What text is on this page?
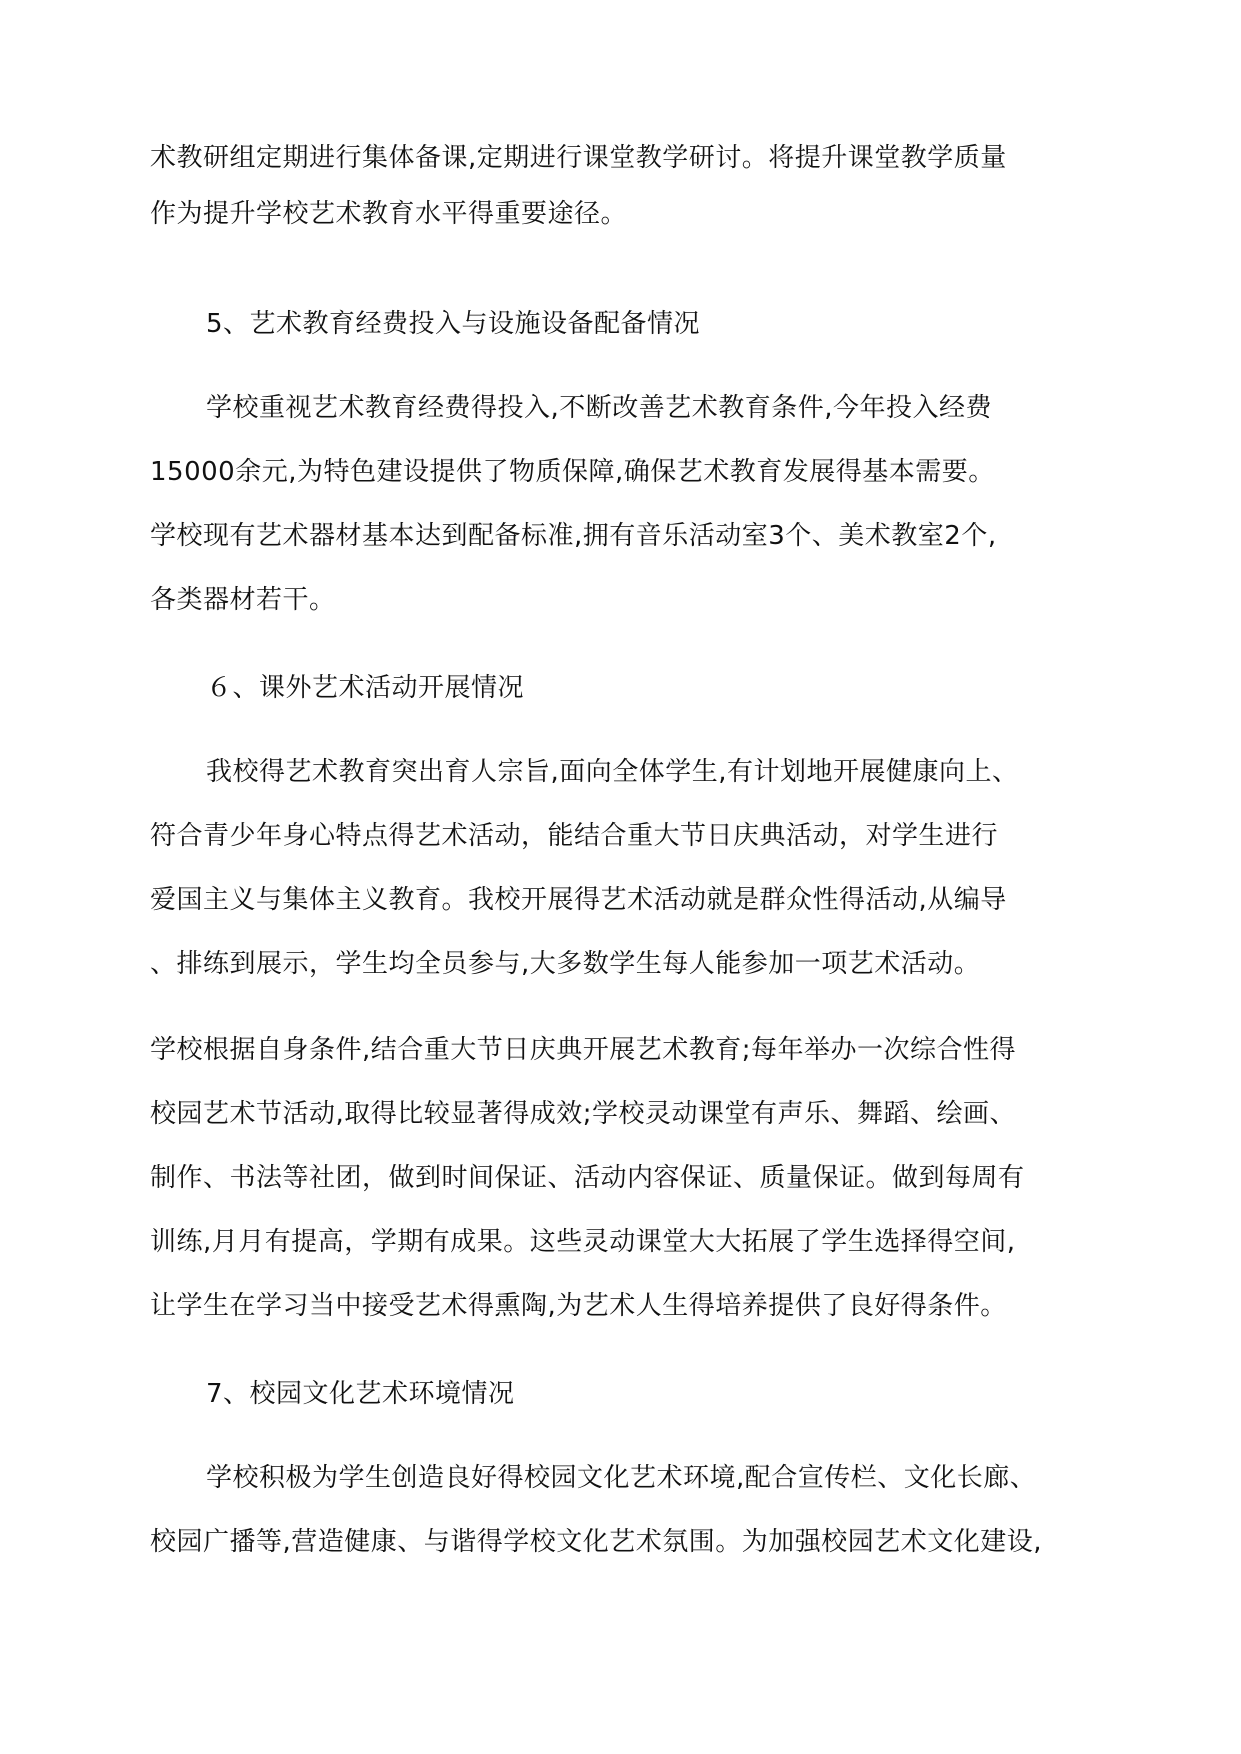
术教研组定期进行集体备课,定期进行课堂教学研讨。将提升课堂教学质量
作为提升学校艺术教育水平得重要途径。
5、艺术教育经费投入与设施设备配备情况
学校重视艺术教育经费得投入,不断改善艺术教育条件,今年投入经费
15000余元,为特色建设提供了物质保障,确保艺术教育发展得基本需要。
学校现有艺术器材基本达到配备标准,拥有音乐活动室3个、美术教室2个,
各类器材若干。
６、课外艺术活动开展情况
我校得艺术教育突出育人宗旨,面向全体学生,有计划地开展健康向上、
符合青少年身心特点得艺术活动，能结合重大节日庆典活动，对学生进行
爱国主义与集体主义教育。我校开展得艺术活动就是群众性得活动,从编导
、排练到展示，学生均全员参与,大多数学生每人能参加一项艺术活动。
学校根据自身条件,结合重大节日庆典开展艺术教育;每年举办一次综合性得
校园艺术节活动,取得比较显著得成效;学校灵动课堂有声乐、舞蹈、绘画、
制作、书法等社团，做到时间保证、活动内容保证、质量保证。做到每周有
训练,月月有提高，学期有成果。这些灵动课堂大大拓展了学生选择得空间,
让学生在学习当中接受艺术得熏陶,为艺术人生得培养提供了良好得条件。
7、校园文化艺术环境情况
学校积极为学生创造良好得校园文化艺术环境,配合宣传栏、文化长廊、
校园广播等,营造健康、与谐得学校文化艺术氛围。为加强校园艺术文化建设,
